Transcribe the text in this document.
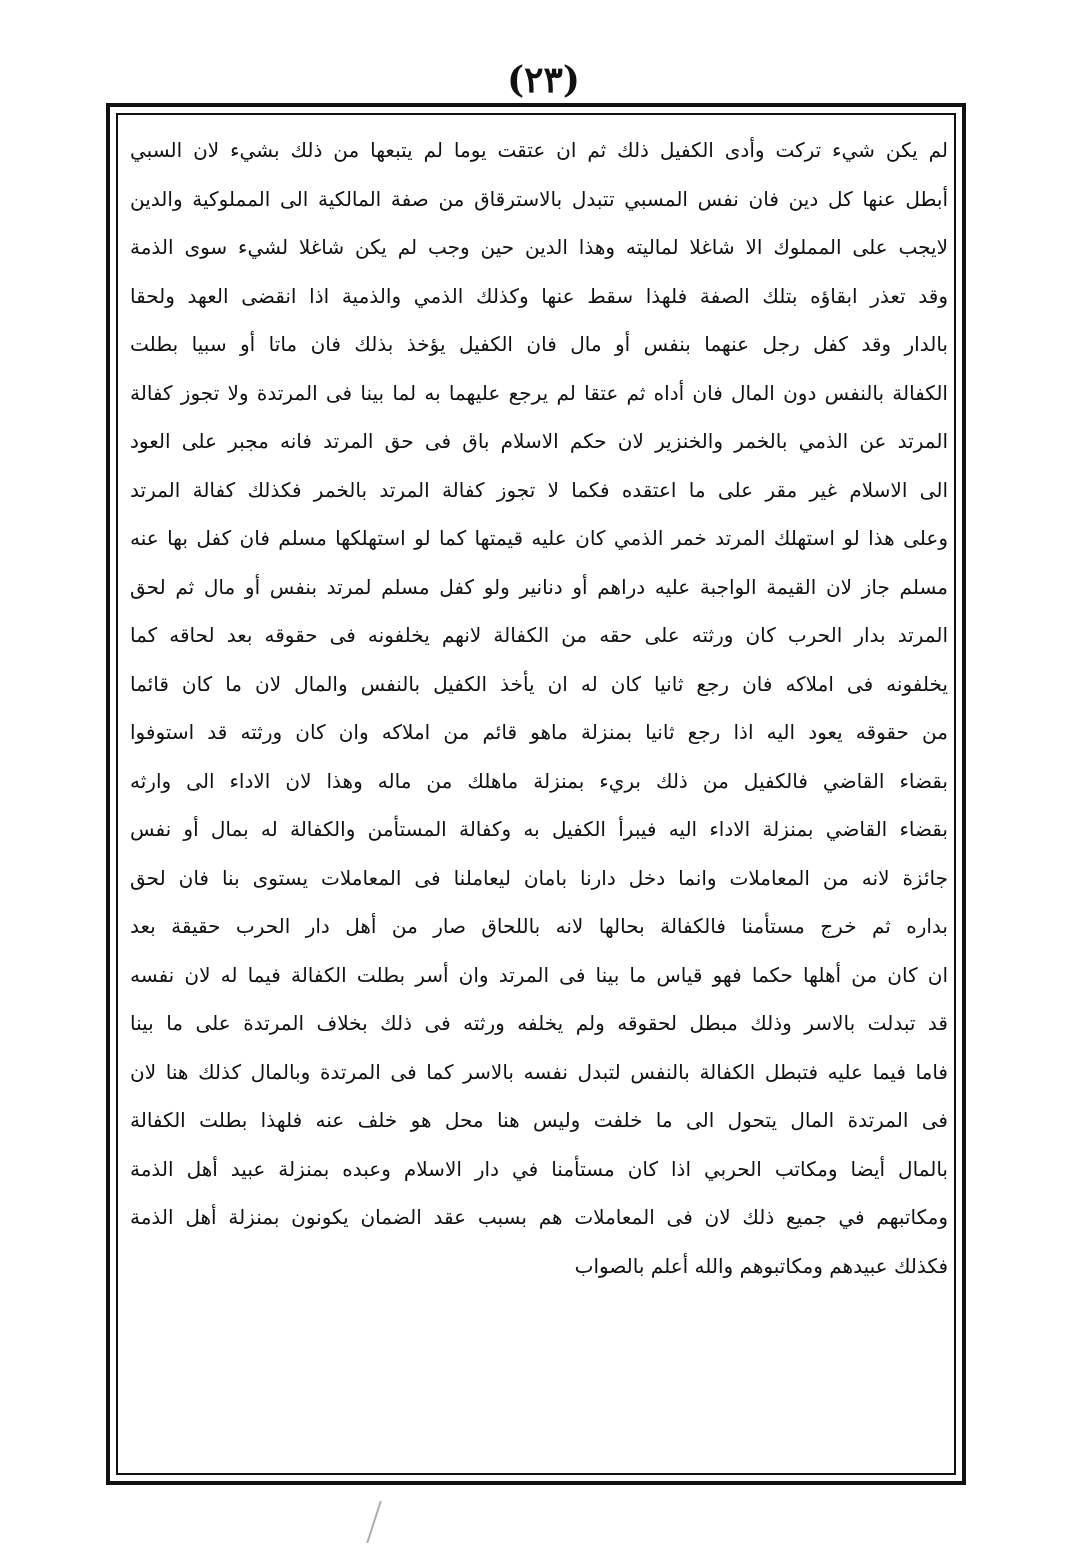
(٢٣)
لم يكن شيء تركت وأدى الكفيل ذلك ثم ان عتقت يوما لم يتبعها من ذلك بشيء لان السبي
أبطل عنها كل دين فان نفس المسبي تتبدل بالاسترقاق من صفة المالكية الى المملوكية والدين
لايجب على المملوك الا شاغلا لماليته وهذا الدين حين وجب لم يكن شاغلا لشيء سوى الذمة
وقد تعذر ابقاؤه بتلك الصفة فلهذا سقط عنها وكذلك الذمي والذمية اذا انقضى العهد ولحقا
بالدار وقد كفل رجل عنهما بنفس أو مال فان الكفيل يؤخذ بذلك فان ماتا أو سبيا بطلت
الكفالة بالنفس دون المال فان أداه ثم عتقا لم يرجع عليهما به لما بينا فى المرتدة ولا تجوز كفالة
المرتد عن الذمي بالخمر والخنزير لان حكم الاسلام باق فى حق المرتد فانه مجبر على العود
الى الاسلام غير مقر على ما اعتقده فكما لا تجوز كفالة المرتد بالخمر فكذلك كفالة المرتد
وعلى هذا لو استهلك المرتد خمر الذمي كان عليه قيمتها كما لو استهلكها مسلم فان كفل بها عنه
مسلم جاز لان القيمة الواجبة عليه دراهم أو دنانير ولو كفل مسلم لمرتد بنفس أو مال ثم لحق
المرتد بدار الحرب كان ورثته على حقه من الكفالة لانهم يخلفونه فى حقوقه بعد لحاقه كما
يخلفونه فى املاكه فان رجع ثانيا كان له ان يأخذ الكفيل بالنفس والمال لان ما كان قائما
من حقوقه يعود اليه اذا رجع ثانيا بمنزلة ماهو قائم من املاكه وان كان ورثته قد استوفوا
بقضاء القاضي فالكفيل من ذلك بريء بمنزلة ماهلك من ماله وهذا لان الاداء الى وارثه
بقضاء القاضي بمنزلة الاداء اليه فيبرأ الكفيل به وكفالة المستأمن والكفالة له بمال أو نفس
جائزة لانه من المعاملات وانما دخل دارنا بامان ليعاملنا فى المعاملات يستوى بنا فان لحق
بداره ثم خرج مستأمنا فالكفالة بحالها لانه باللحاق صار من أهل دار الحرب حقيقة بعد
ان كان من أهلها حكما فهو قياس ما بينا فى المرتد وان أسر بطلت الكفالة فيما له لان نفسه
قد تبدلت بالاسر وذلك مبطل لحقوقه ولم يخلفه ورثته فى ذلك بخلاف المرتدة على ما بينا
فاما فيما عليه فتبطل الكفالة بالنفس لتبدل نفسه بالاسر كما فى المرتدة وبالمال كذلك هنا لان
فى المرتدة المال يتحول الى ما خلفت وليس هنا محل هو خلف عنه فلهذا بطلت الكفالة
بالمال أيضا ومكاتب الحربي اذا كان مستأمنا في دار الاسلام وعبده بمنزلة عبيد أهل الذمة
ومكاتبهم في جميع ذلك لان فى المعاملات هم بسبب عقد الضمان يكونون بمنزلة أهل الذمة
فكذلك عبيدهم ومكاتبوهم والله أعلم بالصواب
